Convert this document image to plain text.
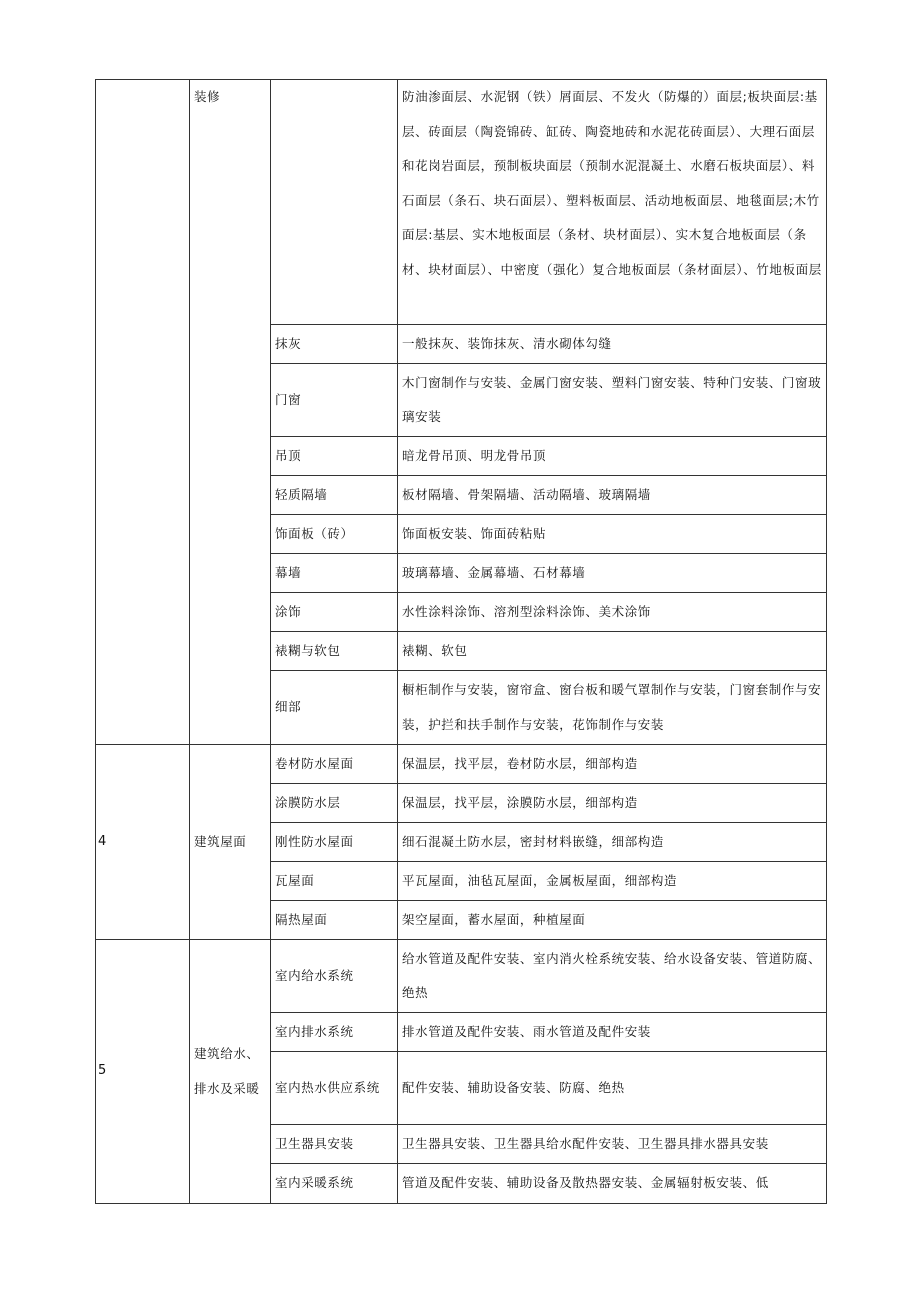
	装修		防油渗面层、水泥钢（铁）屑面层、不发火（防爆的）面层;板块面层:基层、砖面层（陶瓷锦砖、缸砖、陶瓷地砖和水泥花砖面层）、大理石面层和花岗岩面层，预制板块面层（预制水泥混凝土、水磨石板块面层）、料石面层（条石、块石面层）、塑料板面层、活动地板面层、地毯面层;木竹面层:基层、实木地板面层（条材、块材面层）、实木复合地板面层（条材、块材面层）、中密度（强化）复合地板面层（条材面层）、竹地板面层
		抹灰	一般抹灰、装饰抹灰、清水砌体勾缝
		门窗	木门窗制作与安装、金属门窗安装、塑料门窗安装、特种门安装、门窗玻璃安装
		吊顶	暗龙骨吊顶、明龙骨吊顶
		轻质隔墙	板材隔墙、骨架隔墙、活动隔墙、玻璃隔墙
		饰面板（砖）	饰面板安装、饰面砖粘贴
		幕墙	玻璃幕墙、金属幕墙、石材幕墙
		涂饰	水性涂料涂饰、溶剂型涂料涂饰、美术涂饰
		裱糊与软包	裱糊、软包
		细部	橱柜制作与安装，窗帘盒、窗台板和暖气罩制作与安装，门窗套制作与安装，护拦和扶手制作与安装，花饰制作与安装
4	建筑屋面	卷材防水屋面	保温层，找平层，卷材防水层，细部构造
		涂膜防水层	保温层，找平层，涂膜防水层，细部构造
		刚性防水屋面	细石混凝土防水层，密封材料嵌缝，细部构造
		瓦屋面	平瓦屋面，油毡瓦屋面，金属板屋面，细部构造
		隔热屋面	架空屋面，蓄水屋面，种植屋面
5	建筑给水、排水及采暖	室内给水系统	给水管道及配件安装、室内消火栓系统安装、给水设备安装、管道防腐、绝热
		室内排水系统	排水管道及配件安装、雨水管道及配件安装
		室内热水供应系统	配件安装、辅助设备安装、防腐、绝热
		卫生器具安装	卫生器具安装、卫生器具给水配件安装、卫生器具排水器具安装
		室内采暖系统	管道及配件安装、辅助设备及散热器安装、金属辐射板安装、低
